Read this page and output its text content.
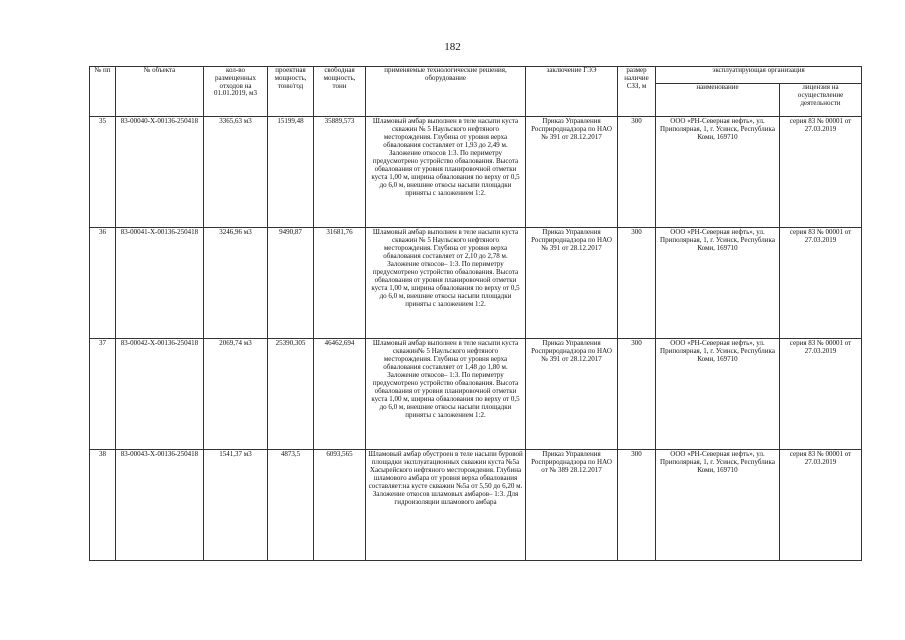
182
№ пп	№ объекта	кол-во размещенных отходов на 01.01.2019, м3	проектная мощность, тонн/год	свободная мощность, тонн	применяемые технологические решения, оборудование	заключение ГЭЭ	размер наличие СЗЗ, м	эксплуатирующая организация	
								наименование	лицензия на осуществление деятельности
35	83-00040-Х-00136-250418	3365,63 м3	15199,48	35889,573	Шламовый амбар выполнен в теле насыпи куста скважин № 5 Наульского нефтяного месторождения. Глубина от уровня верха обвалования составляет от 1,93 до 2,49 м. Заложение откосов 1:3. По периметру предусмотрено устройство обвалования. Высота обвалования от уровня планировочной отметки куста 1,00 м, ширина обвалования по верху от 0,5 до 6,0 м, внешние откосы насыпи площадки приняты с заложением 1:2.	Приказ Управления Росприроднадзора по НАО № 391 от 28.12.2017	300	ООО «РН-Северная нефть», ул. Приполярная, 1, г. Усинск, Республика Коми, 169710	серия 83 № 00001 от 27.03.2019
36	83-00041-Х-00136-250418	3246,96 м3	9490,87	31681,76	Шламовый амбар выполнен в теле насыпи куста скважин № 5 Наульского нефтяного месторождения. Глубина от уровня верха обвалования составляет от 2,10 до 2,78 м. Заложение откосов– 1:3. По периметру предусмотрено устройство обвалования. Высота обвалования от уровня планировочной отметки куста 1,00 м, ширина обвалования по верху от 0,5 до 6,0 м, внешние откосы насыпи площадки приняты с заложением 1:2.	Приказ Управления Росприроднадзора по НАО № 391 от 28.12.2017	300	ООО «РН-Северная нефть», ул. Приполярная, 1, г. Усинск, Республика Коми, 169710	серия 83 № 00001 от 27.03.2019
37	83-00042-Х-00136-250418	2069,74 м3	25390,305	46462,694	Шламовый амбар выполнен в теле насыпи куста скважин№ 5 Наульского нефтяного месторождения. Глубина от уровня верха обвалования составляет от 1,48 до 1,80 м. Заложение откосов– 1:3. По периметру предусмотрено устройство обвалования. Высота обвалования от уровня планировочной отметки куста 1,00 м, ширина обвалования по верху от 0,5 до 6,0 м, внешние откосы насыпи площадки приняты с заложением 1:2.	Приказ Управления Росприроднадзора по НАО № 391 от 28.12.2017	300	ООО «РН-Северная нефть», ул. Приполярная, 1, г. Усинск, Республика Коми, 169710	серия 83 № 00001 от 27.03.2019
38	83-00043-Х-00136-250418	1541,37 м3	4873,5	6093,565	Шламовый амбар обустроен в теле насыпи буровой площадки эксплуатационных скважин куста №5а Хасырейского нефтяного месторождения. Глубина шламового амбара от уровня верха обвалования составляет:на кусте скважин №5а от 5,50 до 6,20 м. Заложение откосов шламовых амбаров– 1:3. Для гидроизоляции шламового амбара	Приказ Управления Росприроднадзора по НАО от № 389 28.12.2017	300	ООО «РН-Северная нефть», ул. Приполярная, 1, г. Усинск, Республика Коми, 169710	серия 83 № 00001 от 27.03.2019
